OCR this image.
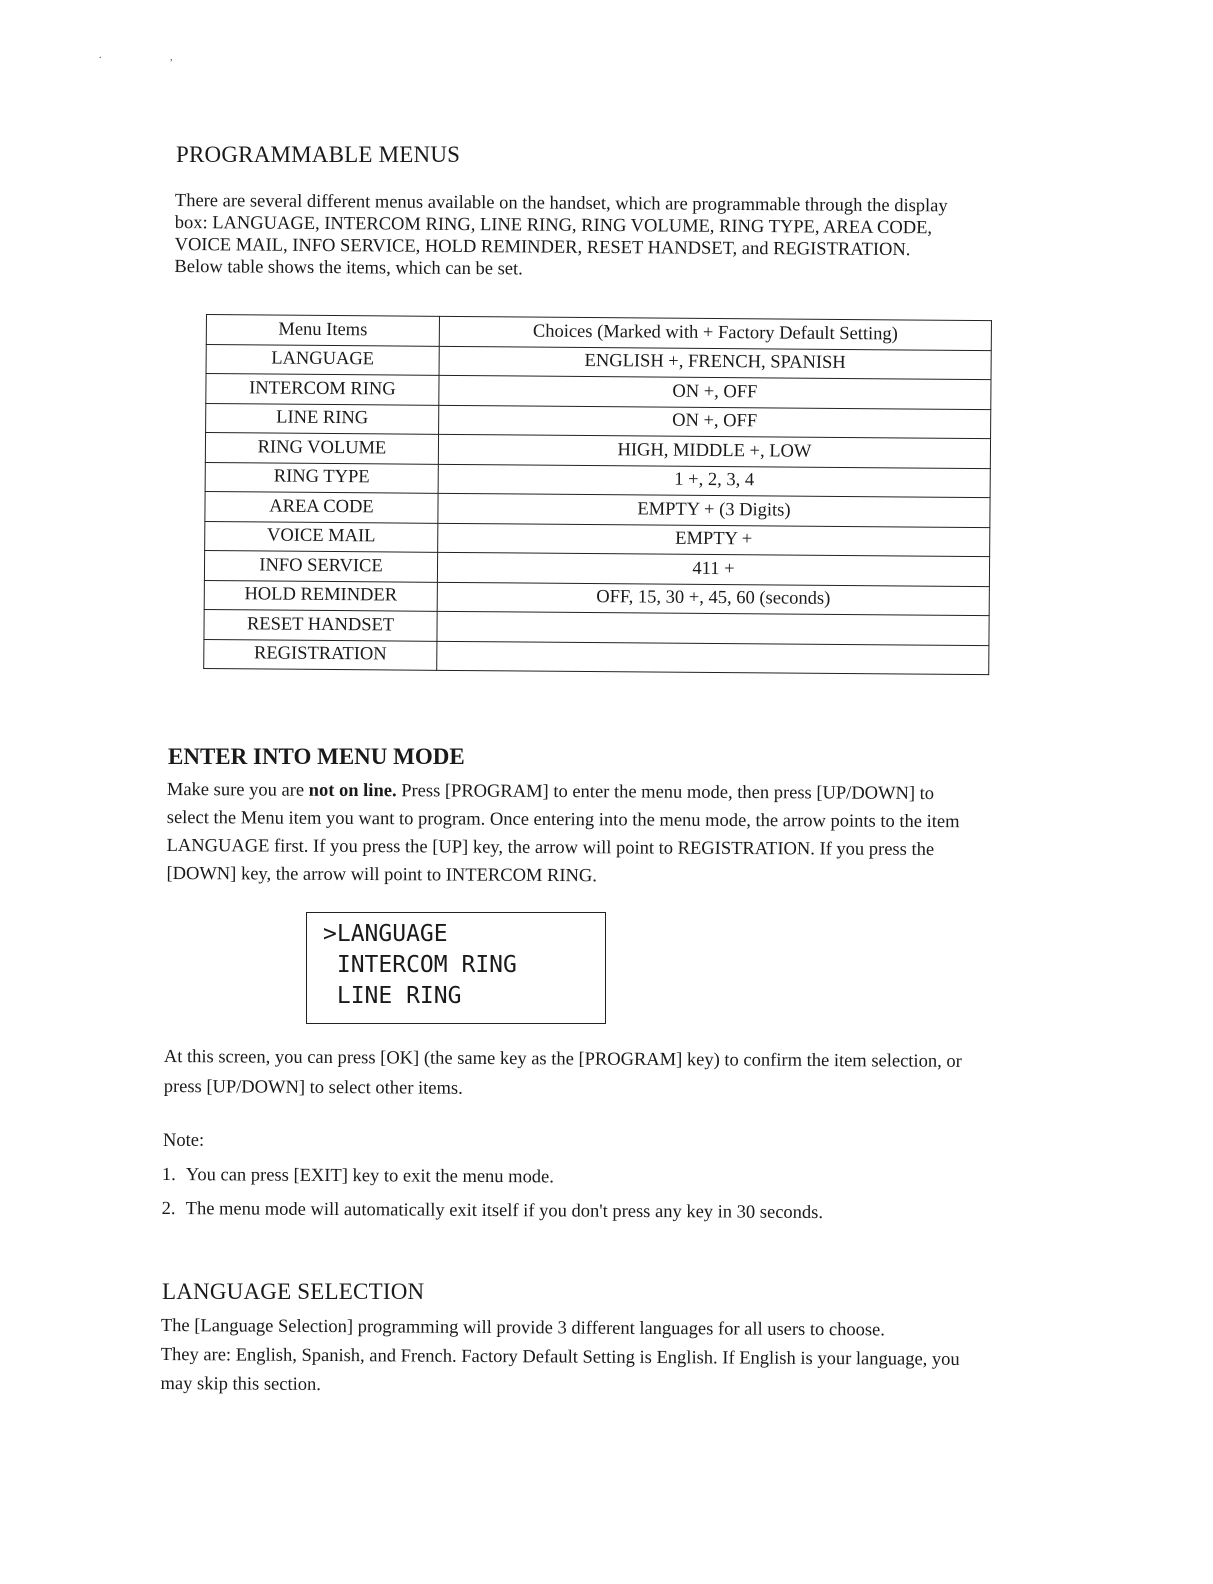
.	,
PROGRAMMABLE MENUS

There are several different menus available on the handset, which are programmable through the display

box: LANGUAGE, INTERCOM RING, LINE RING, RING VOLUME, RING TYPE, AREA CODE,

VOICE MAIL, INFO SERVICE, HOLD REMINDER, RESET HANDSET, and REGISTRATION.

Below table shows the items, which can be set.

Menu Items	Choices (Marked with + Factory Default Setting)
LANGUAGE	ENGLISH +, FRENCH, SPANISH
INTERCOM RING	ON +, OFF
LINE RING	ON +, OFF
RING VOLUME	HIGH, MIDDLE +, LOW
RING TYPE	1 +, 2, 3, 4
AREA CODE	EMPTY + (3 Digits)
VOICE MAIL	EMPTY +
INFO SERVICE	411 +
HOLD REMINDER	OFF, 15, 30 +, 45, 60 (seconds)
RESET HANDSET	
REGISTRATION	
ENTER INTO MENU MODE

Make sure you are not on line. Press [PROGRAM] to enter the menu mode, then press [UP/DOWN] to

select the Menu item you want to program. Once entering into the menu mode, the arrow points to the item

LANGUAGE first. If you press the [UP] key, the arrow will point to REGISTRATION. If you press the

[DOWN] key, the arrow will point to INTERCOM RING.

>LANGUAGE
INTERCOM RING
LINE RING

At this screen, you can press [OK] (the same key as the [PROGRAM] key) to confirm the item selection, or

press [UP/DOWN] to select other items.

Note:
1. You can press [EXIT] key to exit the menu mode.
2. The menu mode will automatically exit itself if you don't press any key in 30 seconds.
LANGUAGE SELECTION

The [Language Selection] programming will provide 3 different languages for all users to choose.

They are: English, Spanish, and French. Factory Default Setting is English. If English is your language, you

may skip this section.
